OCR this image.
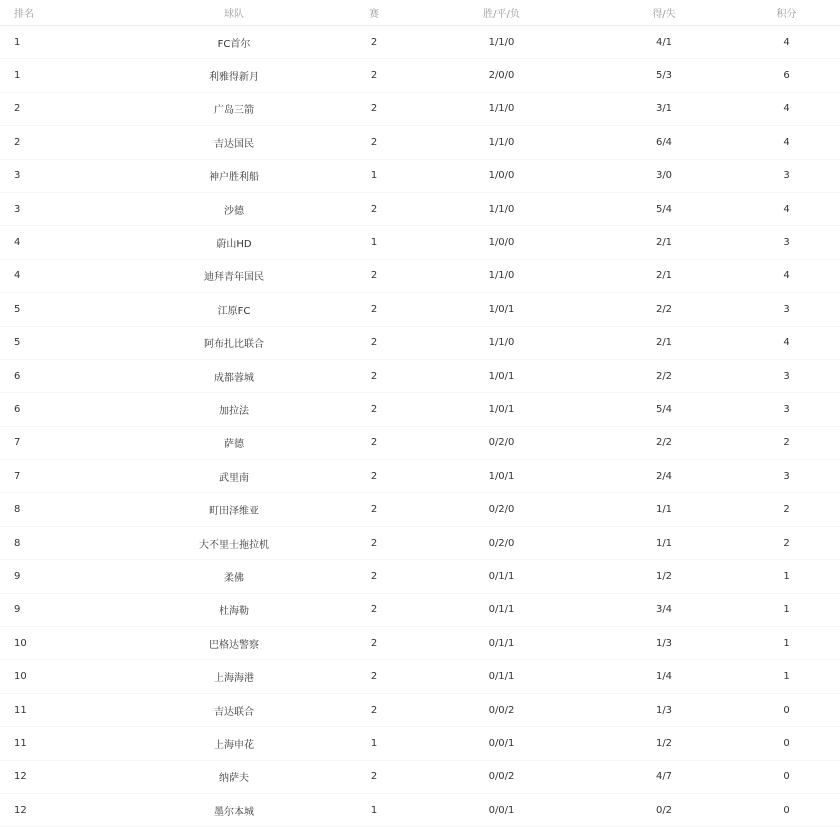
排名	球队	赛	胜/平/负	得/失	积分
1	FC首尔	2	1/1/0	4/1	4
1	利雅得新月	2	2/0/0	5/3	6
2	广岛三箭	2	1/1/0	3/1	4
2	吉达国民	2	1/1/0	6/4	4
3	神户胜利船	1	1/0/0	3/0	3
3	沙德	2	1/1/0	5/4	4
4	蔚山HD	1	1/0/0	2/1	3
4	迪拜青年国民	2	1/1/0	2/1	4
5	江原FC	2	1/0/1	2/2	3
5	阿布扎比联合	2	1/1/0	2/1	4
6	成都蓉城	2	1/0/1	2/2	3
6	加拉法	2	1/0/1	5/4	3
7	萨德	2	0/2/0	2/2	2
7	武里南	2	1/0/1	2/4	3
8	町田泽维亚	2	0/2/0	1/1	2
8	大不里士拖拉机	2	0/2/0	1/1	2
9	柔佛	2	0/1/1	1/2	1
9	杜海勒	2	0/1/1	3/4	1
10	巴格达警察	2	0/1/1	1/3	1
10	上海海港	2	0/1/1	1/4	1
11	吉达联合	2	0/0/2	1/3	0
11	上海申花	1	0/0/1	1/2	0
12	纳萨夫	2	0/0/2	4/7	0
12	墨尔本城	1	0/0/1	0/2	0
